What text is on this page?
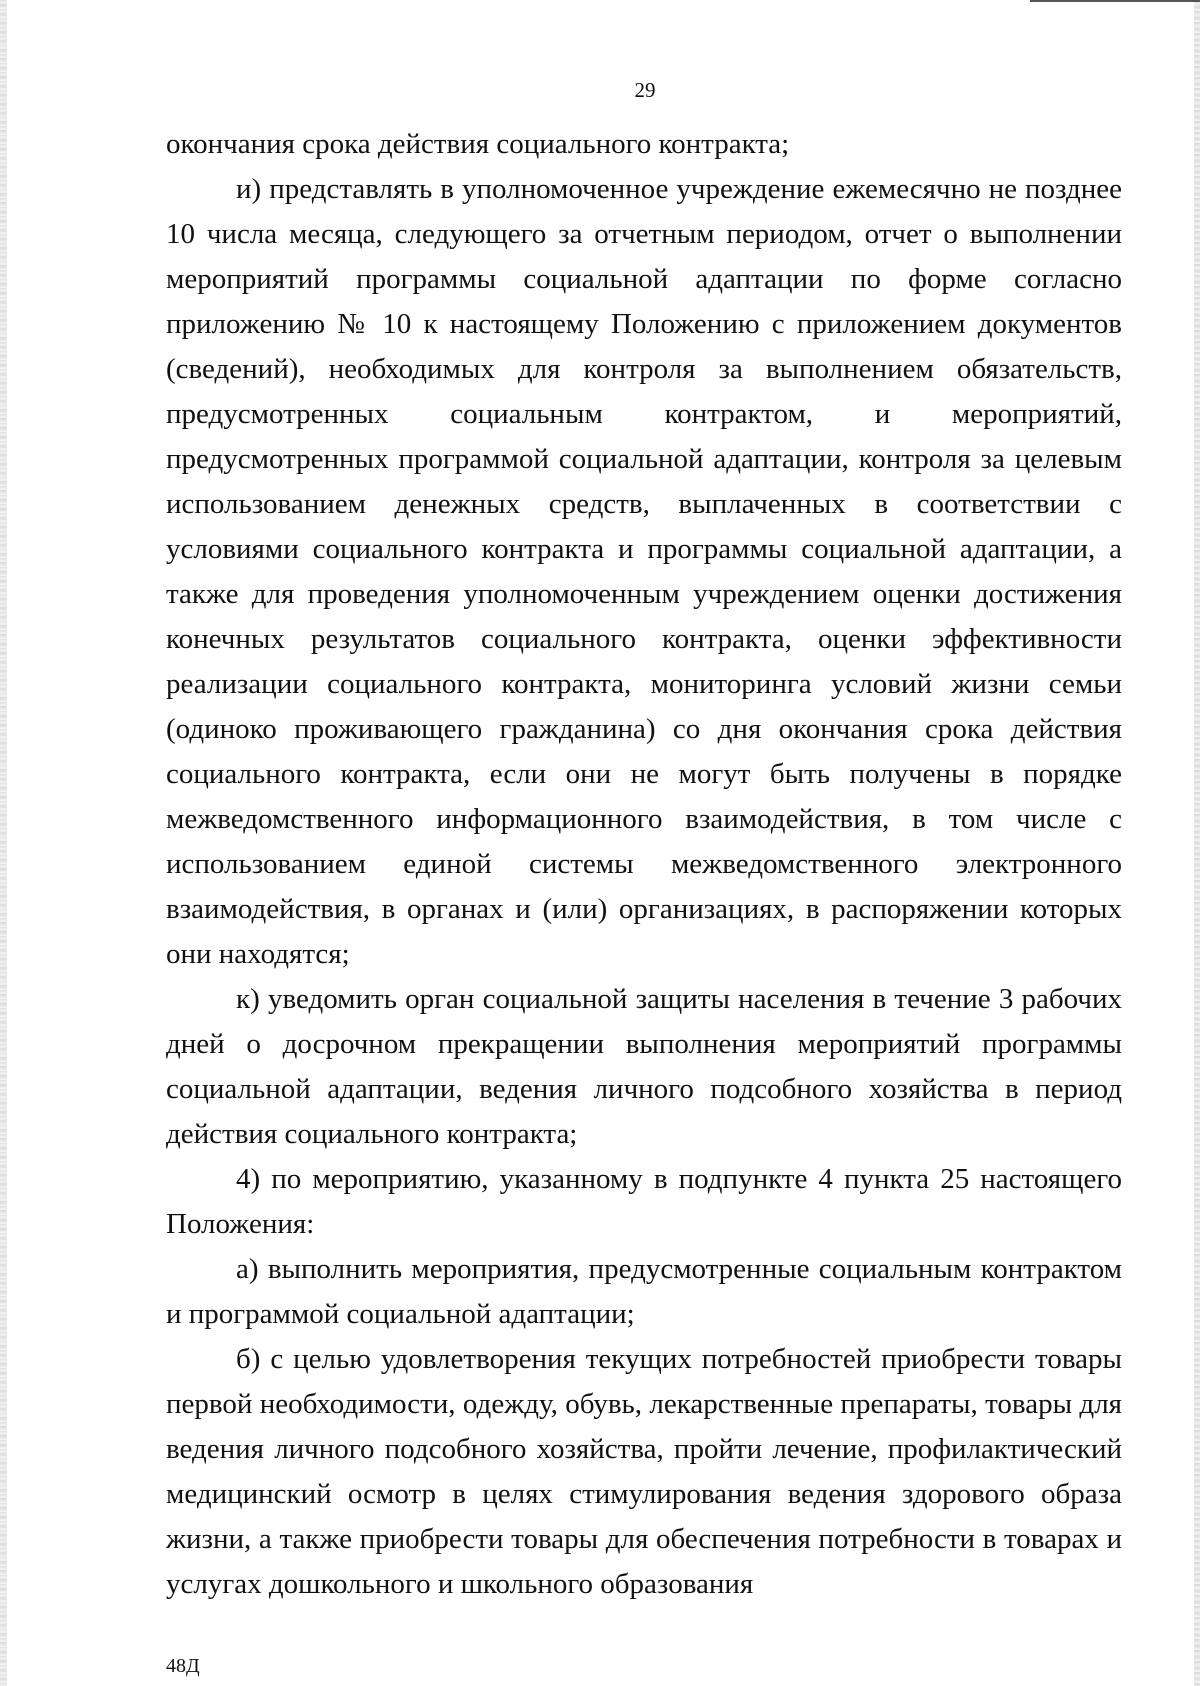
29

окончания срока действия социального контракта;

и) представлять в уполномоченное учреждение ежемесячно не позднее 10 числа месяца, следующего за отчетным периодом, отчет о выполнении мероприятий программы социальной адаптации по форме согласно приложению № 10 к настоящему Положению с приложением документов (сведений), необходимых для контроля за выполнением обязательств, предусмотренных социальным контрактом, и мероприятий, предусмотренных программой социальной адаптации, контроля за целевым использованием денежных средств, выплаченных в соответствии с условиями социального контракта и программы социальной адаптации, а также для проведения уполномоченным учреждением оценки достижения конечных результатов социального контракта, оценки эффективности реализации социального контракта, мониторинга условий жизни семьи (одиноко проживающего гражданина) со дня окончания срока действия социального контракта, если они не могут быть получены в порядке межведомственного информационного взаимодействия, в том числе с использованием единой системы межведомственного электронного взаимодействия, в органах и (или) организациях, в распоряжении которых они находятся;

к) уведомить орган социальной защиты населения в течение 3 рабочих дней о досрочном прекращении выполнения мероприятий программы социальной адаптации, ведения личного подсобного хозяйства в период действия социального контракта;

4) по мероприятию, указанному в подпункте 4 пункта 25 настоящего Положения:

а) выполнить мероприятия, предусмотренные социальным контрактом и программой социальной адаптации;

б) с целью удовлетворения текущих потребностей приобрести товары первой необходимости, одежду, обувь, лекарственные препараты, товары для ведения личного подсобного хозяйства, пройти лечение, профилактический медицинский осмотр в целях стимулирования ведения здорового образа жизни, а также приобрести товары для обеспечения потребности в товарах и услугах дошкольного и школьного образования

48Д
